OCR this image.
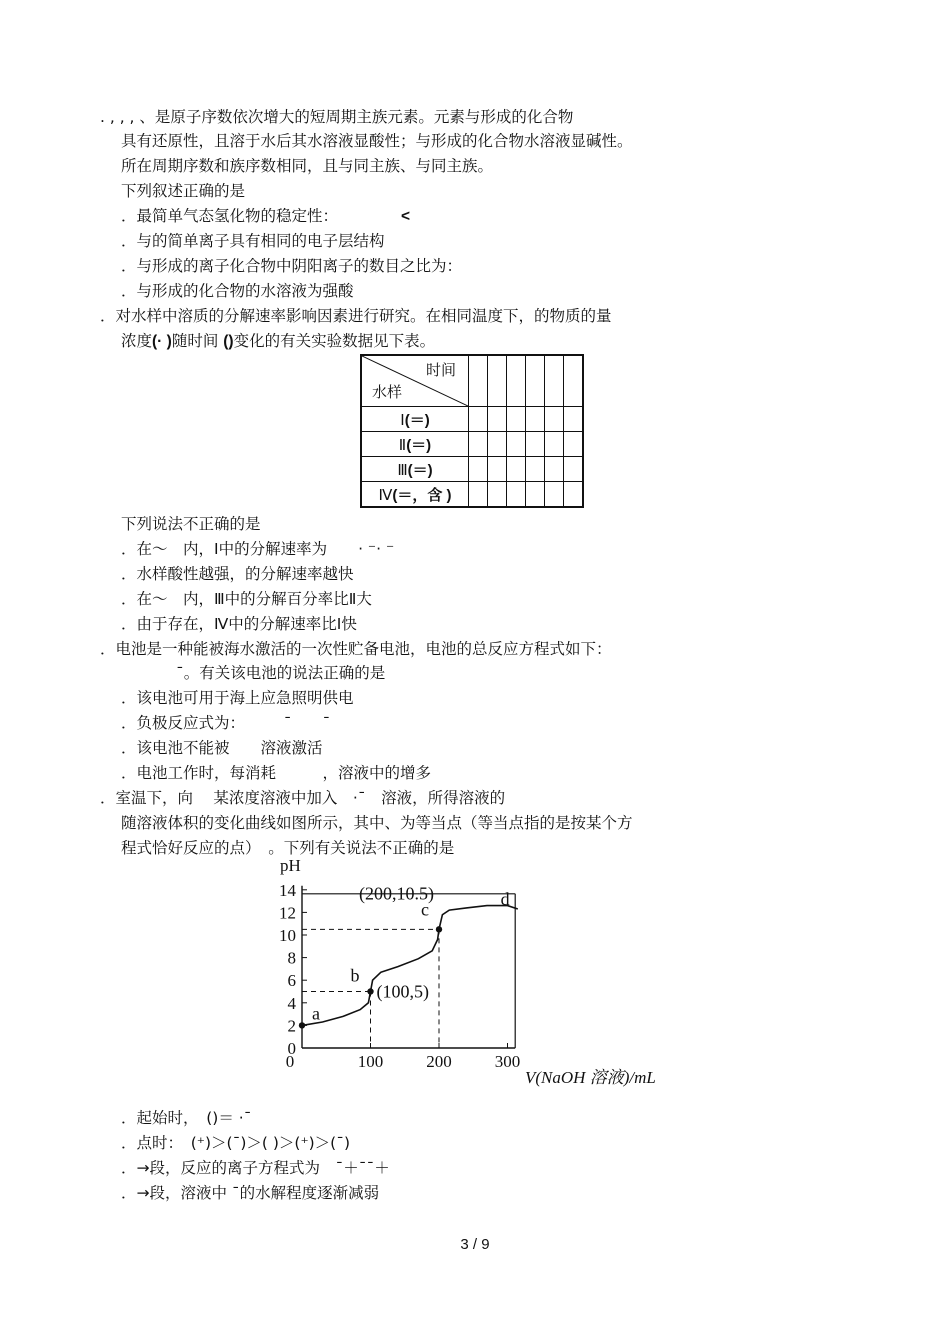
. , , , 、是原子序数依次增大的短周期主族元素。元素与形成的化合物
具有还原性，且溶于水后其水溶液显酸性；与形成的化合物水溶液显碱性。
所在周期序数和族序数相同，且与同主族、与同主族。
下列叙述正确的是
．最简单气态氢化物的稳定性：	<
．与的简单离子具有相同的电子层结构
．与形成的离子化合物中阴阳离子的数目之比为：
．与形成的化合物的水溶液为强酸
．对水样中溶质的分解速率影响因素进行研究。在相同温度下，的物质的量
浓度(· )随时间 ()变化的有关实验数据见下表。
时间
水样						

Ⅰ(＝)						
Ⅱ(＝)						
Ⅲ(＝)						
Ⅳ(＝，含 )						
下列说法不正确的是
．在～　内，Ⅰ中的分解速率为　　· ⁻· ⁻
．水样酸性越强，的分解速率越快
．在～　内，Ⅲ中的分解百分率比Ⅱ大
．由于存在，Ⅳ中的分解速率比Ⅰ快
．电池是一种能被海水激活的一次性贮备电池，电池的总反应方程式如下：
ˉ。有关该电池的说法正确的是
．该电池可用于海上应急照明供电
．负极反应式为：　　　ˉ　　ˉ
．该电池不能被　　溶液激活
．电池工作时，每消耗　　　，溶液中的增多
．室温下，向　 某浓度溶液中加入　·ˉ　溶液，所得溶液的
随溶液体积的变化曲线如图所示，其中、为等当点（等当点指的是按某个方
程式恰好反应的点）　。下列有关说法不正确的是
0
2
4
6
8
10
12
14
0	100	200	300
a
b
(100,5)
c
(200,10.5)	d
pH
V(NaOH 溶液)/mL
．起始时，　()＝ ·ˉ
．点时：　(⁺)＞(ˉ)＞( )＞(⁺)＞(ˉ)
．→段，反应的离子方程式为　ˉ＋ˉˉ＋
．→段，溶液中 ˉ的水解程度逐渐减弱
3 / 9
